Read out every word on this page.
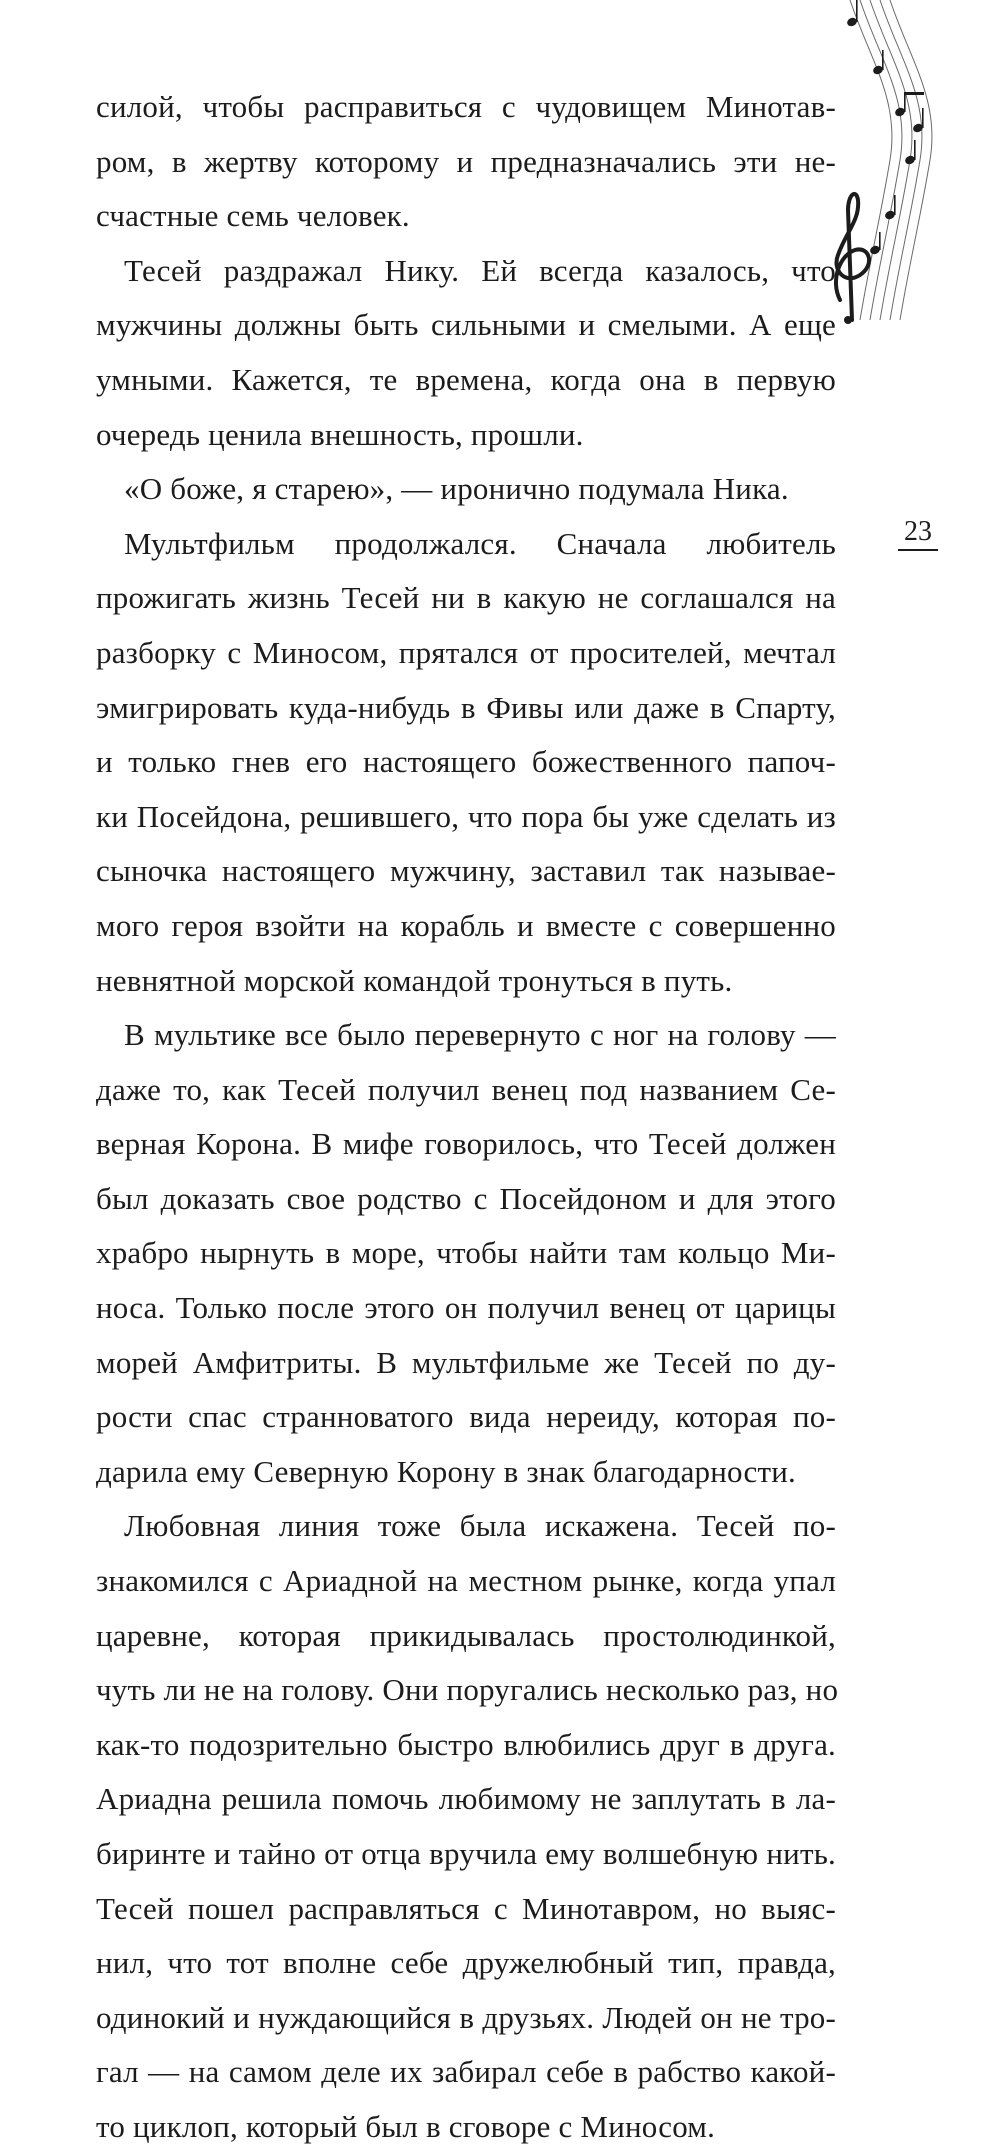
23
силой, чтобы расправиться с чудовищем Минотав-
ром, в жертву которому и предназначались эти не-
счастные семь человек.
Тесей раздражал Нику. Ей всегда казалось, что
мужчины должны быть сильными и смелыми. А еще
умными. Кажется, те времена, когда она в первую
очередь ценила внешность, прошли.
«О боже, я старею», — иронично подумала Ника.
Мультфильм продолжался. Сначала любитель
прожигать жизнь Тесей ни в какую не соглашался на
разборку с Миносом, прятался от просителей, мечтал
эмигрировать куда-нибудь в Фивы или даже в Спарту,
и только гнев его настоящего божественного папоч-
ки Посейдона, решившего, что пора бы уже сделать из
сыночка настоящего мужчину, заставил так называе-
мого героя взойти на корабль и вместе с совершенно
невнятной морской командой тронуться в путь.
В мультике все было перевернуто с ног на голову —
даже то, как Тесей получил венец под названием Се-
верная Корона. В мифе говорилось, что Тесей должен
был доказать свое родство с Посейдоном и для этого
храбро нырнуть в море, чтобы найти там кольцо Ми-
носа. Только после этого он получил венец от царицы
морей Амфитриты. В мультфильме же Тесей по ду-
рости спас странноватого вида нереиду, которая по-
дарила ему Северную Корону в знак благодарности.
Любовная линия тоже была искажена. Тесей по-
знакомился с Ариадной на местном рынке, когда упал
царевне, которая прикидывалась простолюдинкой,
чуть ли не на голову. Они поругались несколько раз, но
как-то подозрительно быстро влюбились друг в друга.
Ариадна решила помочь любимому не заплутать в ла-
биринте и тайно от отца вручила ему волшебную нить.
Тесей пошел расправляться с Минотавром, но выяс-
нил, что тот вполне себе дружелюбный тип, правда,
одинокий и нуждающийся в друзьях. Людей он не тро-
гал — на самом деле их забирал себе в рабство какой-
то циклоп, который был в сговоре с Миносом.
